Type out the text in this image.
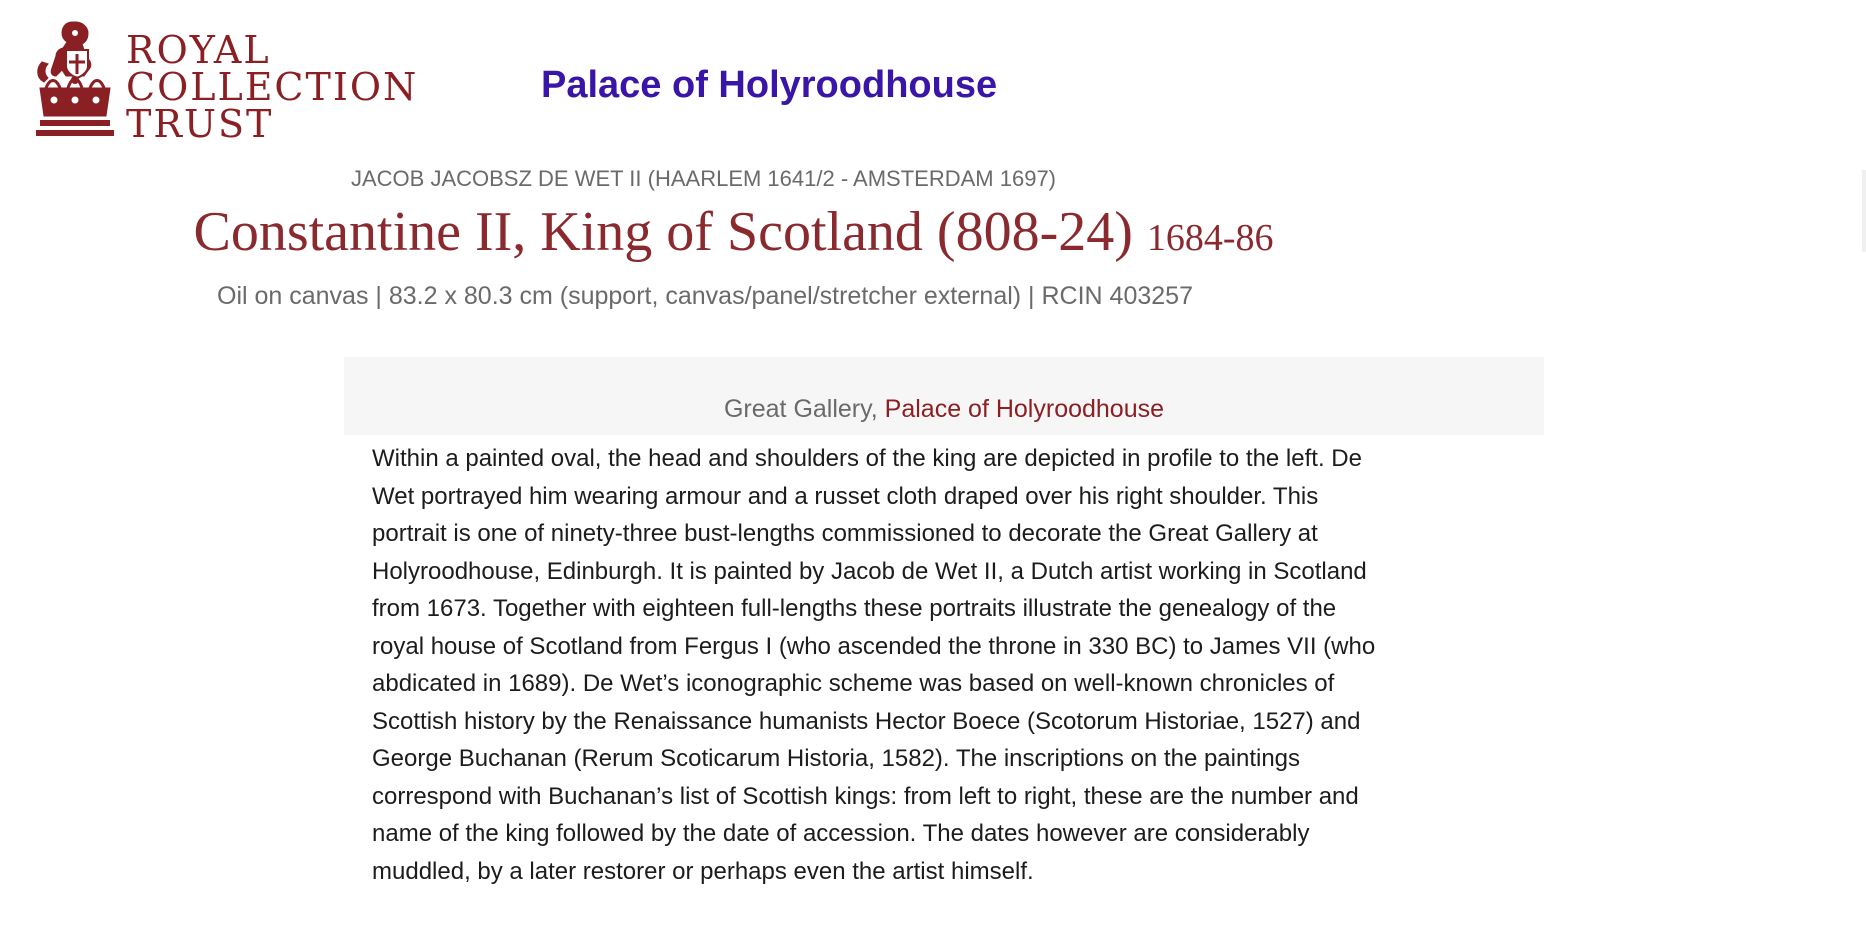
ROYAL
COLLECTION
TRUST
Palace of Holyroodhouse
JACOB JACOBSZ DE WET II (HAARLEM 1641/2 - AMSTERDAM 1697)
Constantine II, King of Scotland (808-24) 1684-86
Oil on canvas | 83.2 x 80.3 cm (support, canvas/panel/stretcher external) | RCIN 403257
Great Gallery, Palace of Holyroodhouse
Within a painted oval, the head and shoulders of the king are depicted in profile to the left. De
Wet portrayed him wearing armour and a russet cloth draped over his right shoulder. This
portrait is one of ninety-three bust-lengths commissioned to decorate the Great Gallery at
Holyroodhouse, Edinburgh. It is painted by Jacob de Wet II, a Dutch artist working in Scotland
from 1673. Together with eighteen full-lengths these portraits illustrate the genealogy of the
royal house of Scotland from Fergus I (who ascended the throne in 330 BC) to James VII (who
abdicated in 1689). De Wet’s iconographic scheme was based on well-known chronicles of
Scottish history by the Renaissance humanists Hector Boece (Scotorum Historiae, 1527) and
George Buchanan (Rerum Scoticarum Historia, 1582). The inscriptions on the paintings
correspond with Buchanan’s list of Scottish kings: from left to right, these are the number and
name of the king followed by the date of accession. The dates however are considerably
muddled, by a later restorer or perhaps even the artist himself.
